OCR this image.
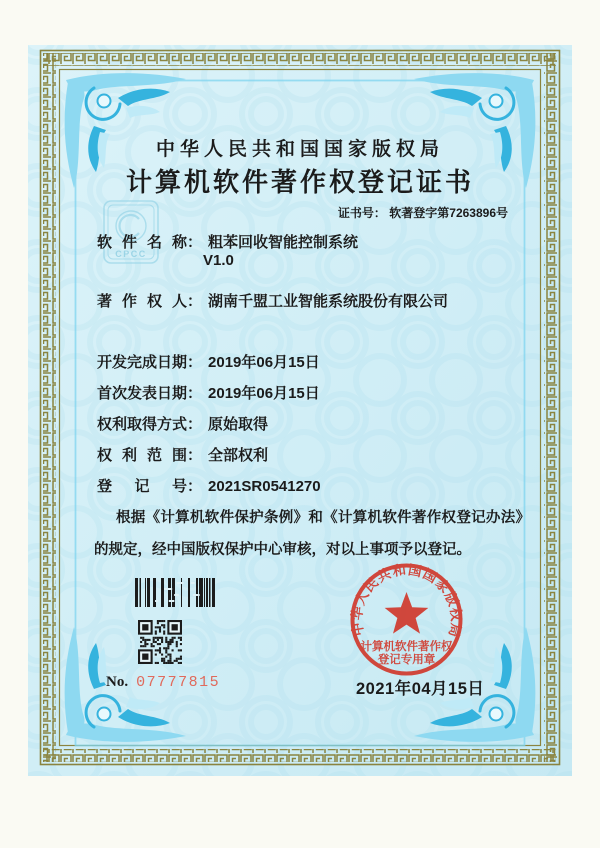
CPCC
中华人民共和国国家版权局
计算机软件著作权登记证书
证书号： 软著登字第7263896号
软件名称： 粗苯回收智能控制系统
V1.0
著作权人： 湖南千盟工业智能系统股份有限公司
开发完成日期： 2019年06月15日
首次发表日期： 2019年06月15日
权利取得方式： 原始取得
权利范围： 全部权利
登记号： 2021SR0541270
根据《计算机软件保护条例》和《计算机软件著作权登记办法》的规定，经中国版权保护中心审核，对以上事项予以登记。
No. 07777815
中华人民共和国国家版权局
计算机软件著作权
登记专用章
2021年04月15日
